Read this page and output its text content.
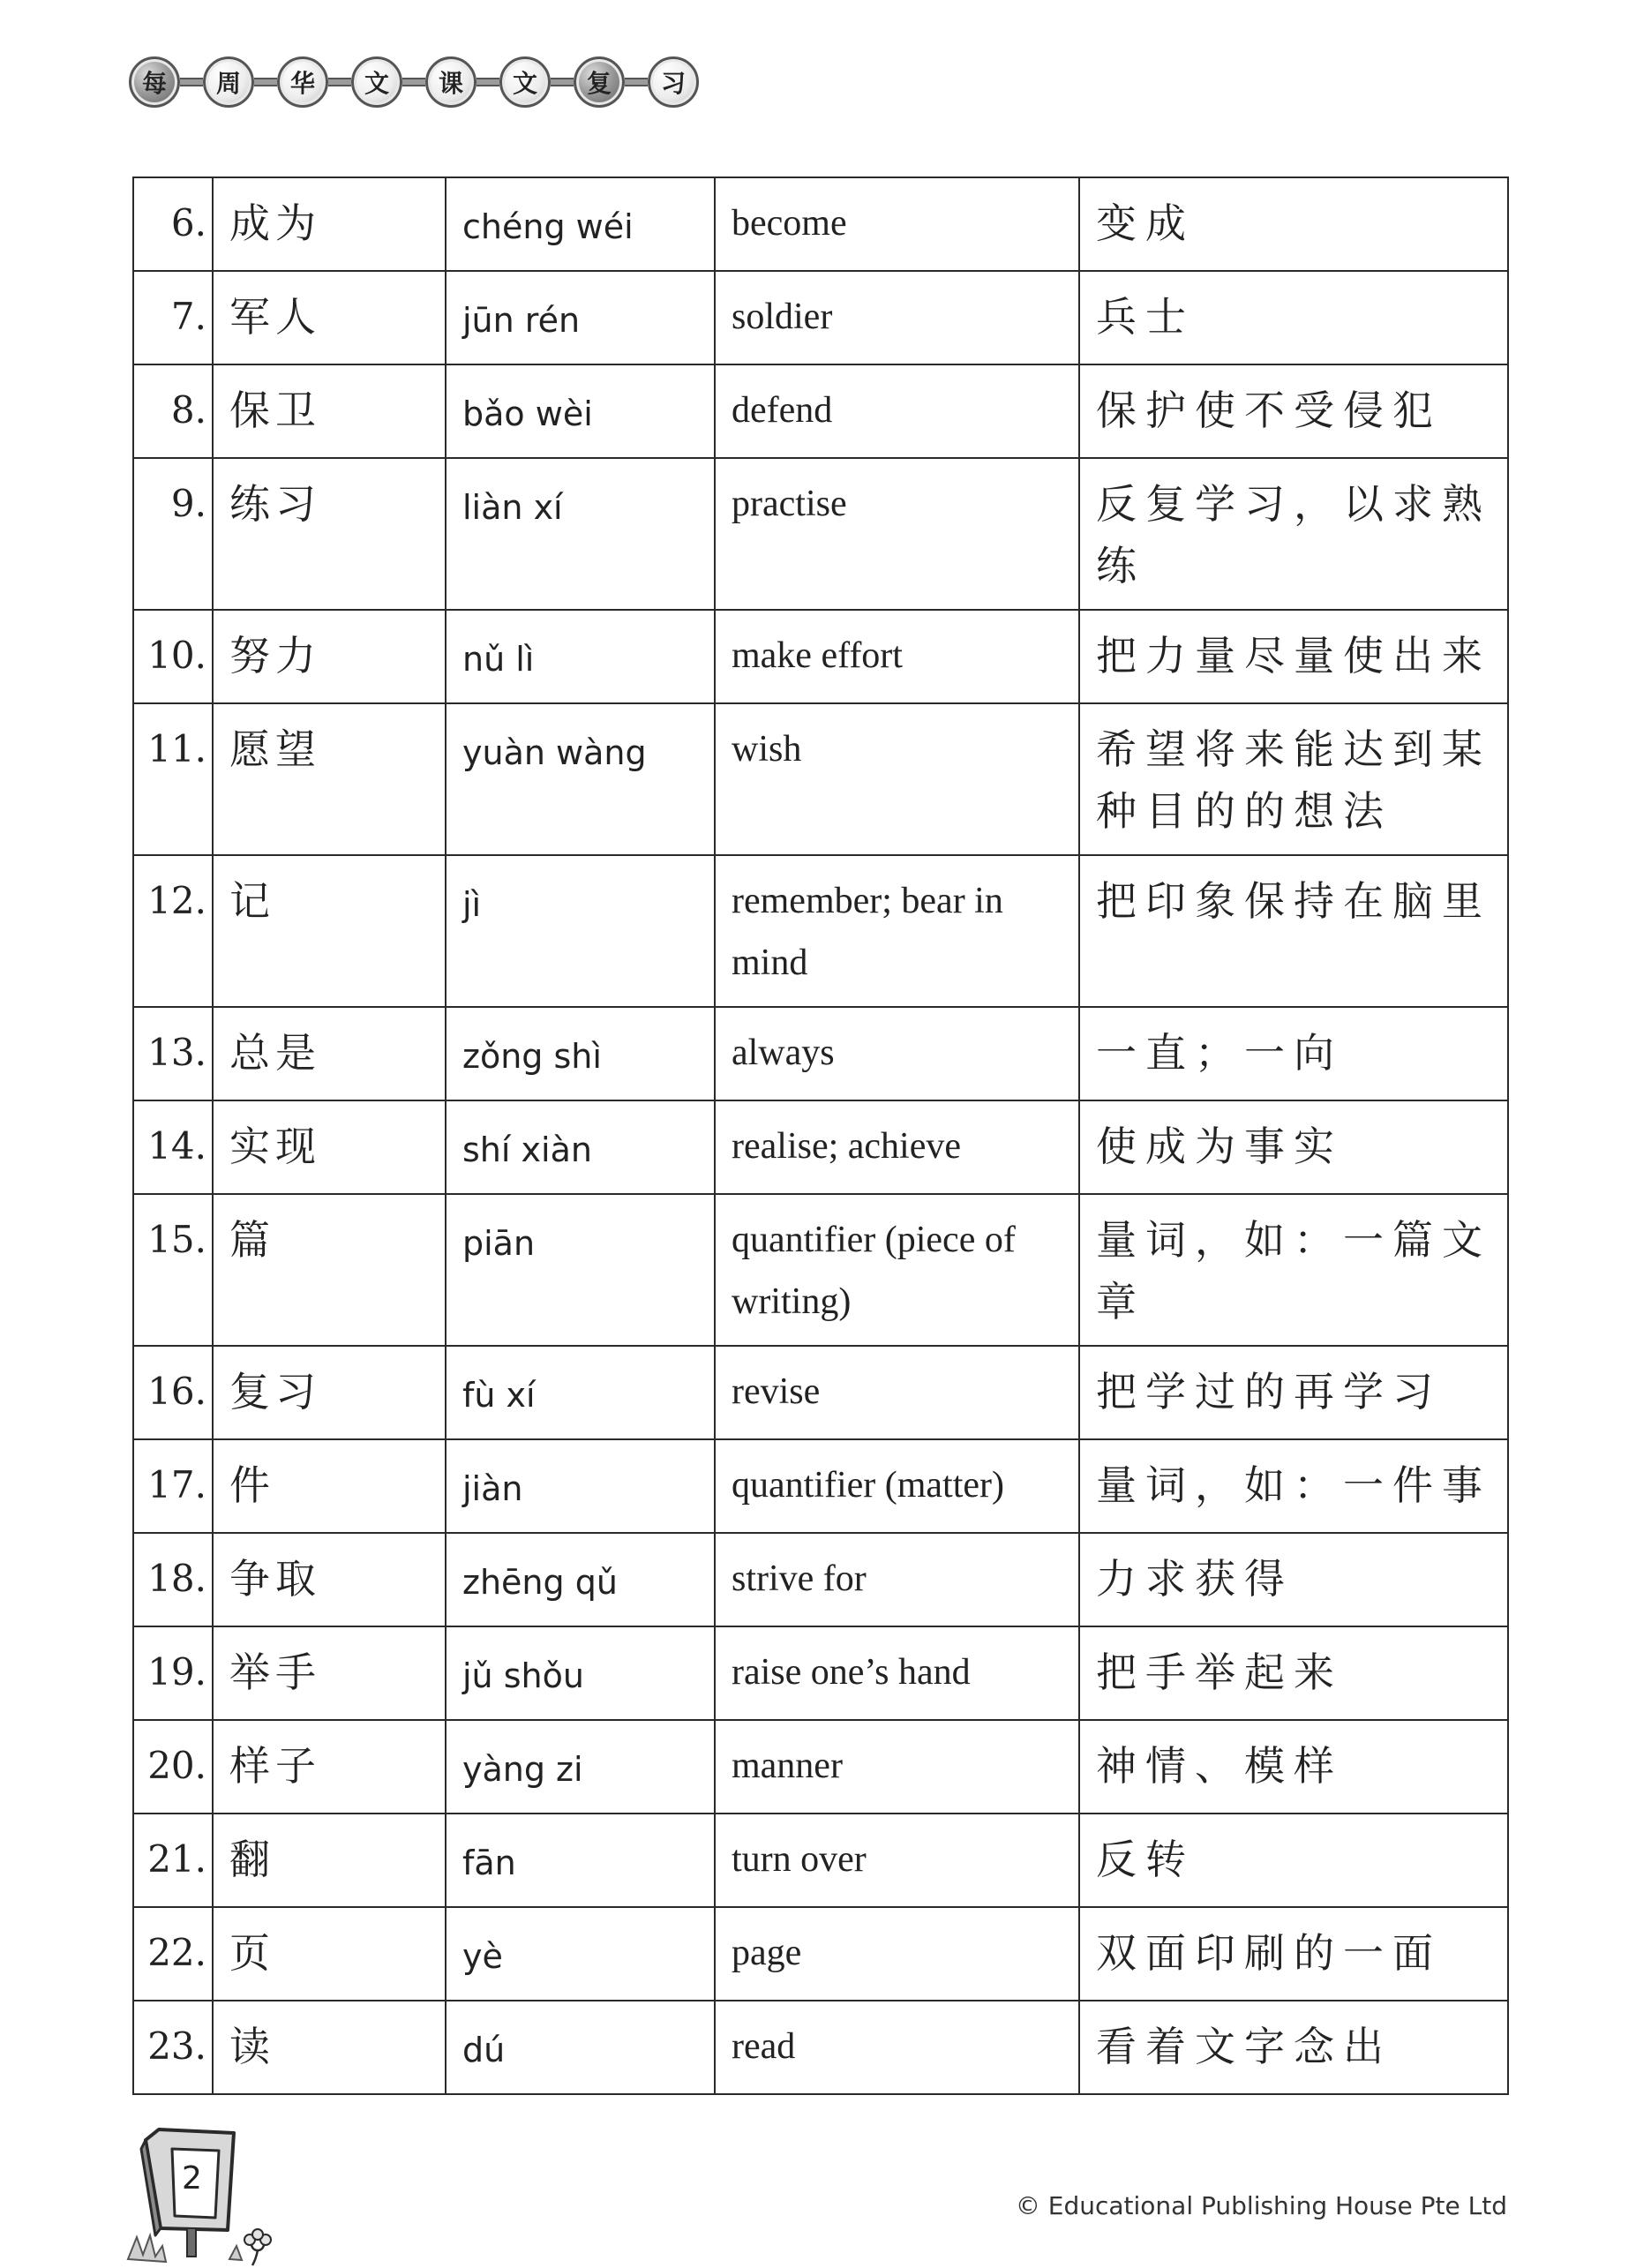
每	周	华	文	课	文	复	习
6.	成为	chéng wéi	become	变成
7.	军人	jūn rén	soldier	兵士
8.	保卫	bǎo wèi	defend	保护使不受侵犯
9.	练习	liàn xí	practise	反复学习，以求熟练
10.	努力	nǔ lì	make effort	把力量尽量使出来
11.	愿望	yuàn wàng	wish	希望将来能达到某种目的的想法
12.	记	jì	remember; bear in mind	把印象保持在脑里
13.	总是	zǒng shì	always	一直；一向
14.	实现	shí xiàn	realise; achieve	使成为事实
15.	篇	piān	quantifier (piece of writing)	量词，如：一篇文章
16.	复习	fù xí	revise	把学过的再学习
17.	件	jiàn	quantifier (matter)	量词，如：一件事
18.	争取	zhēng qǔ	strive for	力求获得
19.	举手	jǔ shǒu	raise one’s hand	把手举起来
20.	样子	yàng zi	manner	神情、模样
21.	翻	fān	turn over	反转
22.	页	yè	page	双面印刷的一面
23.	读	dú	read	看着文字念出
2
© Educational Publishing House Pte Ltd
